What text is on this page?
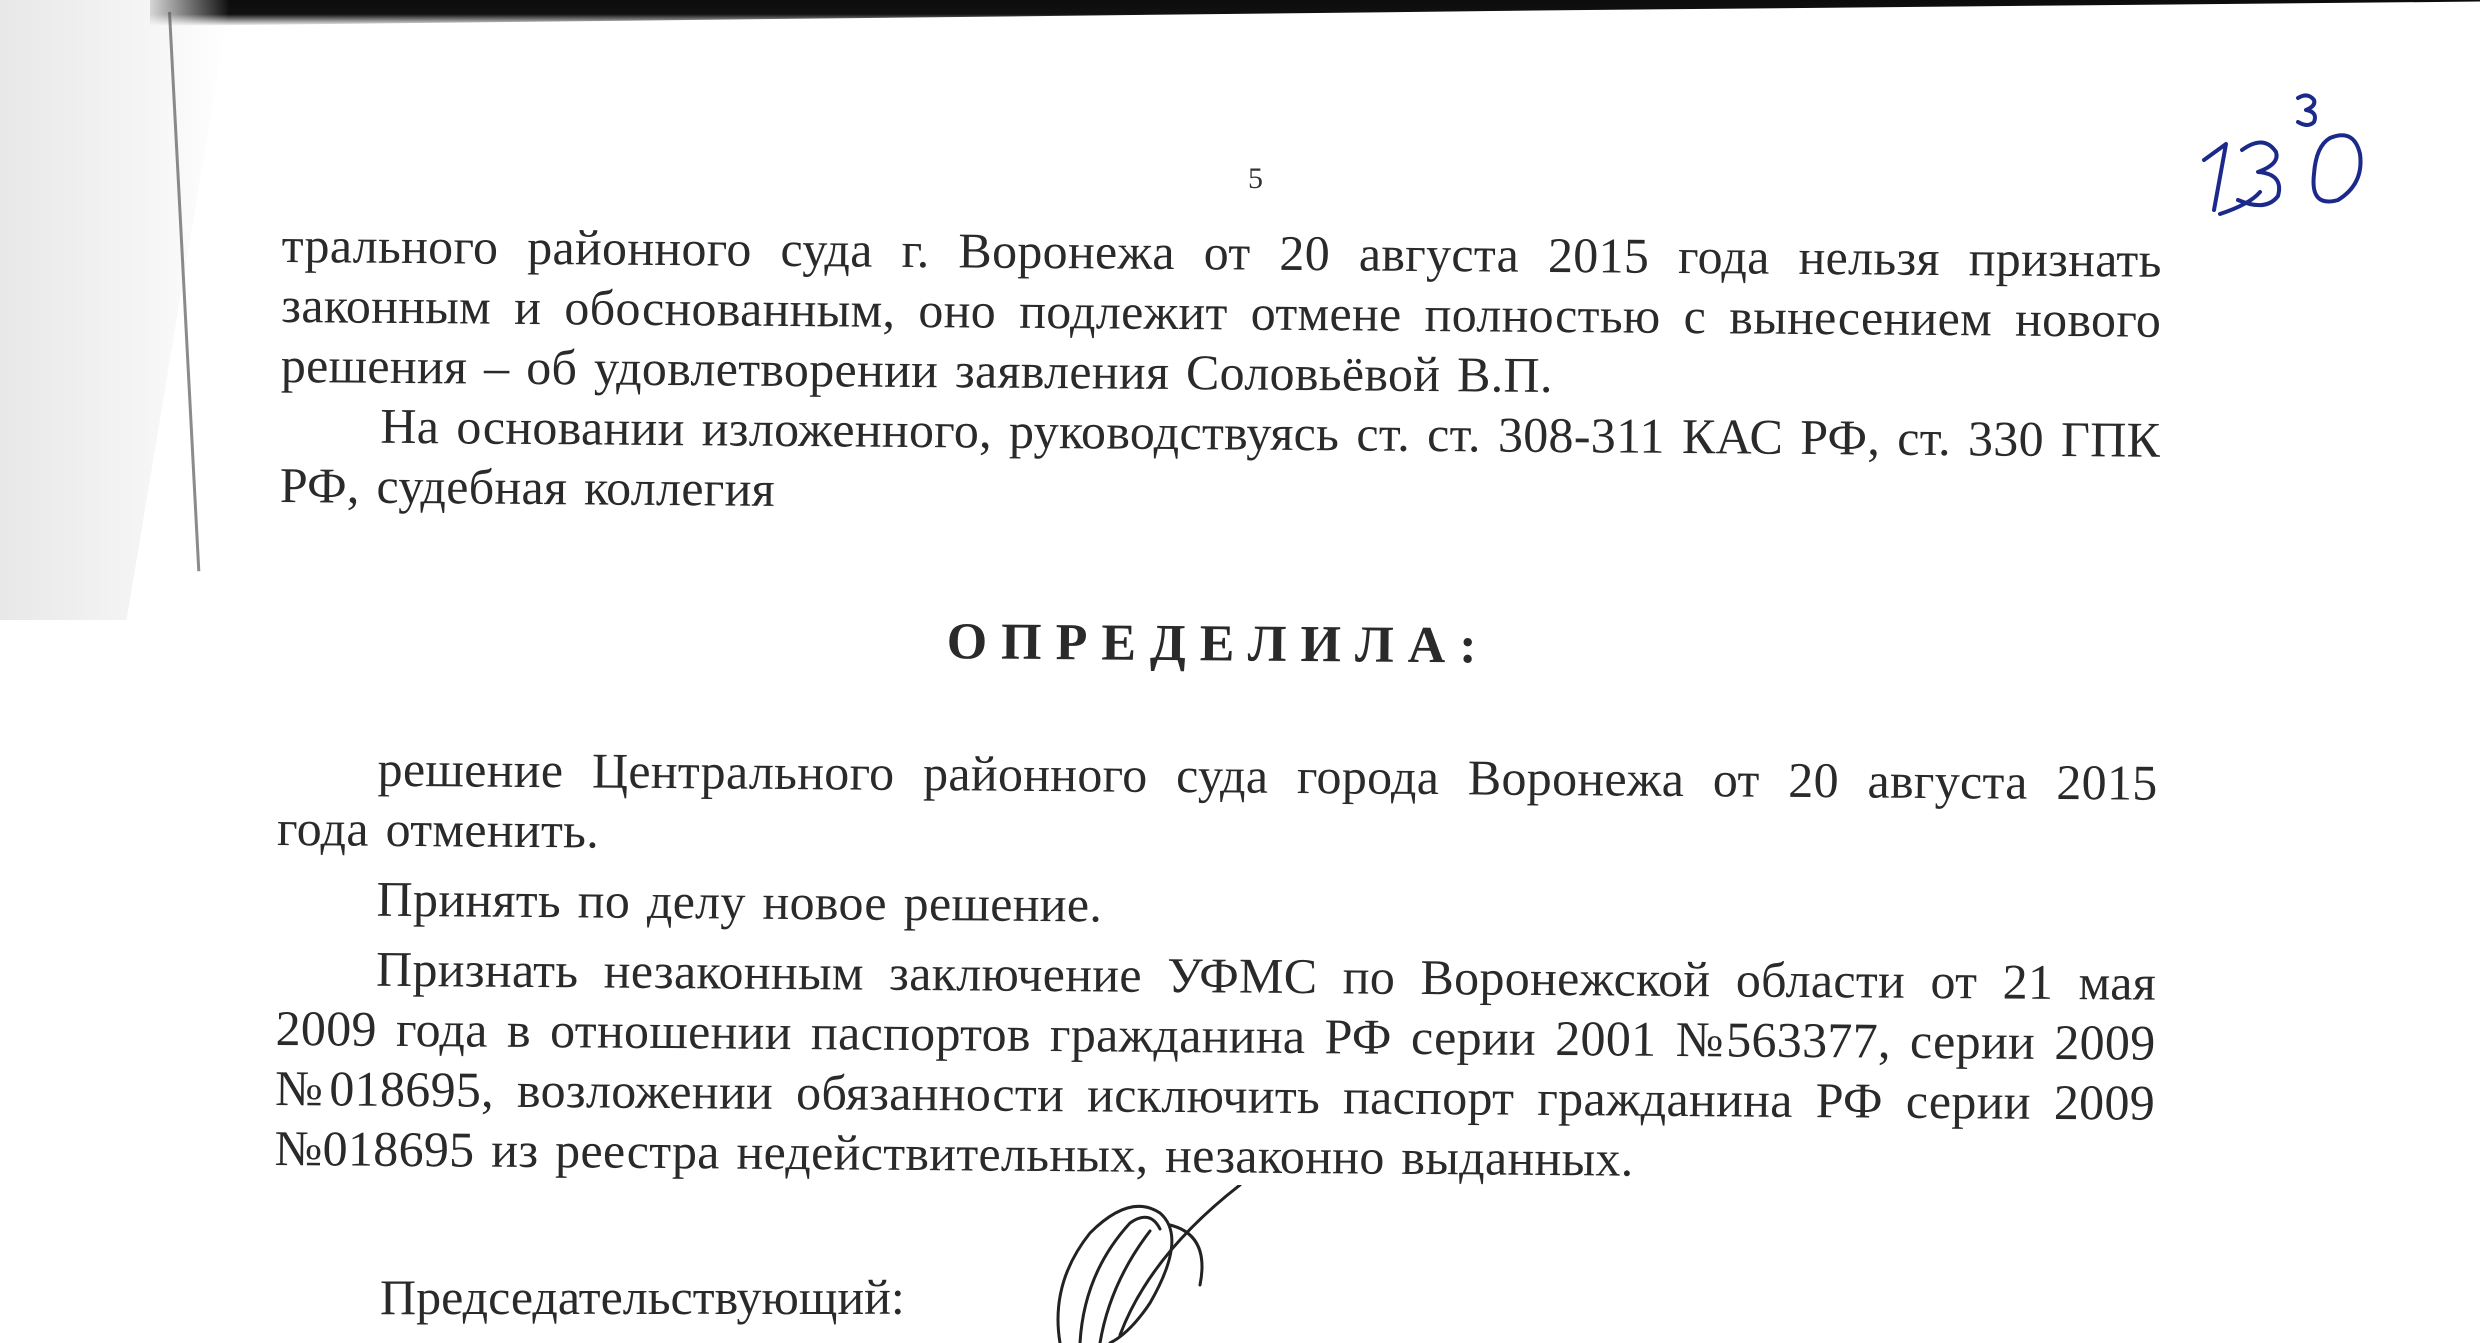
5

трального районного суда г. Воронежа от 20 августа 2015 года нельзя признать законным и обоснованным, оно подлежит отмене полностью с вынесением нового решения – об удовлетворении заявления Соловьёвой В.П.

На основании изложенного, руководствуясь ст. ст. 308-311 КАС РФ, ст. 330 ГПК РФ, судебная коллегия

ОПРЕДЕЛИЛА:

решение Центрального районного суда города Воронежа от 20 августа 2015 года отменить.

Принять по делу новое решение.

Признать незаконным заключение УФМС по Воронежской области от 21 мая 2009 года в отношении паспортов гражданина РФ серии 2001 №563377, серии 2009 №018695, возложении обязанности исключить паспорт гражданина РФ серии 2009 №018695 из реестра недействительных, незаконно выданных.

Председательствующий:
